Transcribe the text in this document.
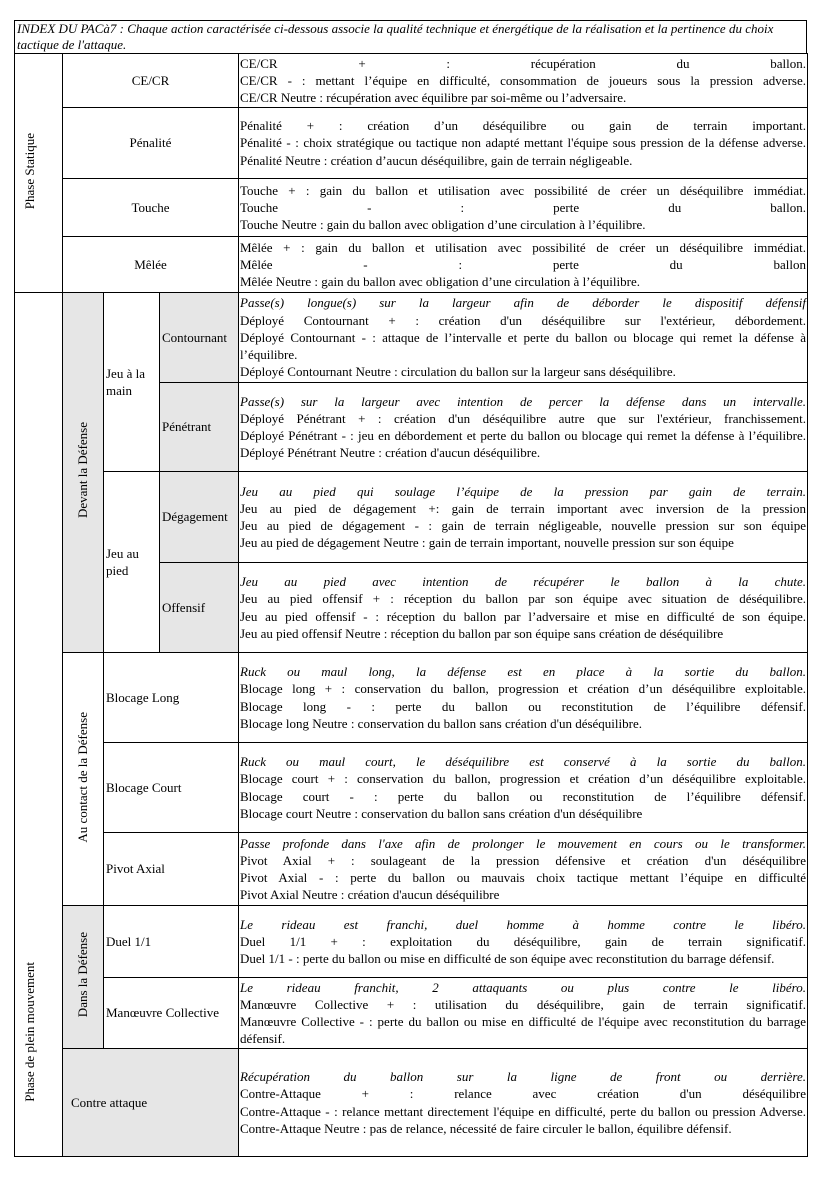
INDEX DU PACà7 : Chaque action caractérisée ci-dessous associe la qualité technique et énergétique de la réalisation et la pertinence du choix tactique de l'attaque.
Phase Statique	CE/CR			CE/CR + : récupération du ballon.
CE/CR - : mettant l’équipe en difficulté, consommation de joueurs sous la pression adverse.
CE/CR Neutre : récupération avec équilibre par soi-même ou l’adversaire.

	Pénalité			Pénalité + : création d’un déséquilibre ou gain de terrain important.
Pénalité - : choix stratégique ou tactique non adapté mettant l'équipe sous pression de la défense adverse.
Pénalité Neutre : création d’aucun déséquilibre, gain de terrain négligeable.

	Touche			Touche + : gain du ballon et utilisation avec possibilité de créer un déséquilibre immédiat.
Touche - : perte du ballon.
Touche Neutre : gain du ballon avec obligation d’une circulation à l’équilibre.

	Mêlée			Mêlée + : gain du ballon et utilisation avec possibilité de créer un déséquilibre immédiat.
Mêlée - : perte du ballon
Mêlée Neutre : gain du ballon avec obligation d’une circulation à l’équilibre.

Phase de plein mouvement	Devant la Défense	Jeu à la main	Contournant	Passe(s) longue(s) sur la largeur afin de déborder le dispositif défensif
Déployé Contournant + : création d'un déséquilibre sur l'extérieur, débordement.
Déployé Contournant - : attaque de l’intervalle et perte du ballon ou blocage qui remet la défense à l’équilibre.
Déployé Contournant Neutre : circulation du ballon sur la largeur sans déséquilibre.

			Pénétrant	Passe(s) sur la largeur avec intention de percer la défense dans un intervalle.
Déployé Pénétrant + : création d'un déséquilibre autre que sur l'extérieur, franchissement.
Déployé Pénétrant - : jeu en débordement et perte du ballon ou blocage qui remet la défense à l’équilibre.
Déployé Pénétrant Neutre : création d'aucun déséquilibre.

		Jeu au pied	Dégagement	Jeu au pied qui soulage l’équipe de la pression par gain de terrain.
Jeu au pied de dégagement +: gain de terrain important avec inversion de la pression
Jeu au pied de dégagement - : gain de terrain négligeable, nouvelle pression sur son équipe
Jeu au pied de dégagement Neutre : gain de terrain important, nouvelle pression sur son équipe

			Offensif	Jeu au pied avec intention de récupérer le ballon à la chute.
Jeu au pied offensif + : réception du ballon par son équipe avec situation de déséquilibre.
Jeu au pied offensif - : réception du ballon par l’adversaire et mise en difficulté de son équipe.
Jeu au pied offensif Neutre : réception du ballon par son équipe sans création de déséquilibre

	Au contact de la Défense	Blocage Long		Ruck ou maul long, la défense est en place à la sortie du ballon.
Blocage long + : conservation du ballon, progression et création d’un déséquilibre exploitable.
Blocage long - : perte du ballon ou reconstitution de l’équilibre défensif.
Blocage long Neutre : conservation du ballon sans création d'un déséquilibre.

		Blocage Court		Ruck ou maul court, le déséquilibre est conservé à la sortie du ballon.
Blocage court + : conservation du ballon, progression et création d’un déséquilibre exploitable.
Blocage court - : perte du ballon ou reconstitution de l’équilibre défensif.
Blocage court Neutre : conservation du ballon sans création d'un déséquilibre

		Pivot Axial		Passe profonde dans l'axe afin de prolonger le mouvement en cours ou le transformer.
Pivot Axial + : soulageant de la pression défensive et création d'un déséquilibre
Pivot Axial - : perte du ballon ou mauvais choix tactique mettant l’équipe en difficulté
Pivot Axial Neutre : création d'aucun déséquilibre

	Dans la Défense	Duel 1/1		Le rideau est franchi, duel homme à homme contre le libéro.
Duel 1/1 + : exploitation du déséquilibre, gain de terrain significatif.
Duel 1/1 - : perte du ballon ou mise en difficulté de son équipe avec reconstitution du barrage défensif.

		Manœuvre Collective		Le rideau franchit, 2 attaquants ou plus contre le libéro.
Manœuvre Collective + : utilisation du déséquilibre, gain de terrain significatif.
Manœuvre Collective - : perte du ballon ou mise en difficulté de l'équipe avec reconstitution du barrage défensif.

	Contre attaque			Récupération du ballon sur la ligne de front ou derrière.
Contre-Attaque + : relance avec création d'un déséquilibre
Contre-Attaque - : relance mettant directement l'équipe en difficulté, perte du ballon ou pression Adverse.
Contre-Attaque Neutre : pas de relance, nécessité de faire circuler le ballon, équilibre défensif.
